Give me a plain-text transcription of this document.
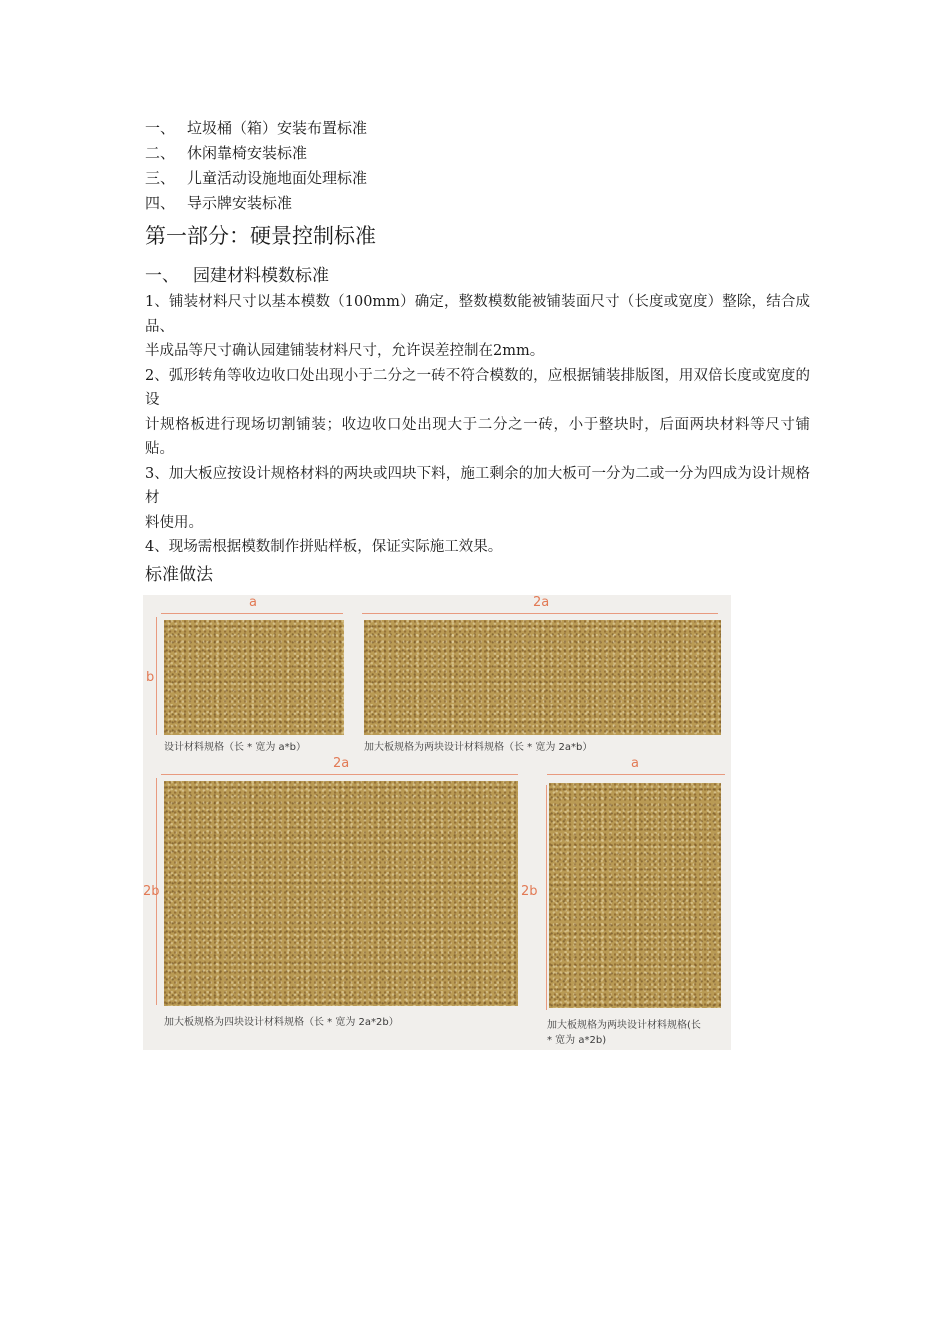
一、 垃圾桶（箱）安装布置标准
二、 休闲靠椅安装标准
三、 儿童活动设施地面处理标准
四、 导示牌安装标准
第一部分：硬景控制标准
一、 园建材料模数标准

1、铺装材料尺寸以基本模数（100mm）确定，整数模数能被铺装面尺寸（长度或宽度）整除，结合成品、
半成品等尺寸确认园建铺装材料尺寸，允许误差控制在2mm。

2、弧形转角等收边收口处出现小于二分之一砖不符合模数的，应根据铺装排版图，用双倍长度或宽度的设
计规格板进行现场切割铺装；收边收口处出现大于二分之一砖，小于整块时，后面两块材料等尺寸铺贴。

3、加大板应按设计规格材料的两块或四块下料，施工剩余的加大板可一分为二或一分为四成为设计规格材
料使用。

4、现场需根据模数制作拼贴样板，保证实际施工效果。

标准做法
a
b
设计材料规格（长 * 宽为 a*b）
2a
加大板规格为两块设计材料规格（长 * 宽为 2a*b）
2a
2b
加大板规格为四块设计材料规格（长 * 宽为 2a*2b）
a
2b
加大板规格为两块设计材料规格(长
* 宽为 a*2b)
